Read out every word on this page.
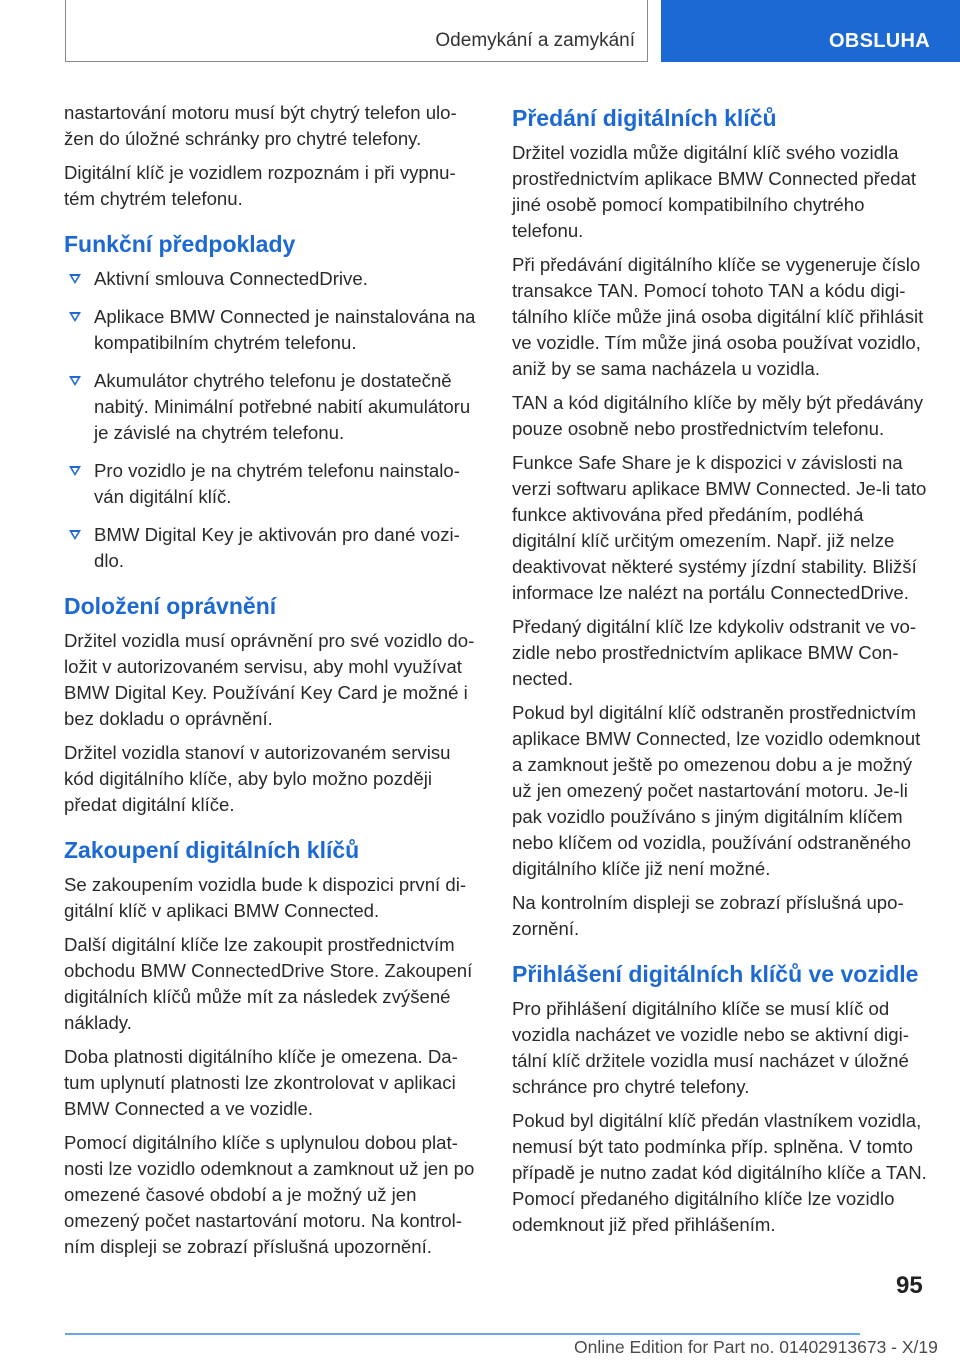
Odemykání a zamykání	OBSLUHA

nastartování motoru musí být chytrý telefon uložen do úložné schránky pro chytré telefony.

Digitální klíč je vozidlem rozpoznám i při vypnutém chytrém telefonu.

Funkční předpoklady
Aktivní smlouva ConnectedDrive.
Aplikace BMW Connected je nainstalována na kompatibilním chytrém telefonu.
Akumulátor chytrého telefonu je dostatečně nabitý. Minimální potřebné nabití akumulátoru je závislé na chytrém telefonu.
Pro vozidlo je na chytrém telefonu nainstalován digitální klíč.
BMW Digital Key je aktivován pro dané vozidlo.
Doložení oprávnění

Držitel vozidla musí oprávnění pro své vozidlo doložit v autorizovaném servisu, aby mohl využívat BMW Digital Key. Používání Key Card je možné i bez dokladu o oprávnění.

Držitel vozidla stanoví v autorizovaném servisu kód digitálního klíče, aby bylo možno později předat digitální klíče.

Zakoupení digitálních klíčů

Se zakoupením vozidla bude k dispozici první digitální klíč v aplikaci BMW Connected.

Další digitální klíče lze zakoupit prostřednictvím obchodu BMW ConnectedDrive Store. Zakoupení digitálních klíčů může mít za následek zvýšené náklady.

Doba platnosti digitálního klíče je omezena. Datum uplynutí platnosti lze zkontrolovat v aplikaci BMW Connected a ve vozidle.

Pomocí digitálního klíče s uplynulou dobou platnosti lze vozidlo odemknout a zamknout už jen po omezené časové období a je možný už jen omezený počet nastartování motoru. Na kontrolním displeji se zobrazí příslušná upozornění.

Předání digitálních klíčů

Držitel vozidla může digitální klíč svého vozidla prostřednictvím aplikace BMW Connected předat jiné osobě pomocí kompatibilního chytrého telefonu.

Při předávání digitálního klíče se vygeneruje číslo transakce TAN. Pomocí tohoto TAN a kódu digitálního klíče může jiná osoba digitální klíč přihlásit ve vozidle. Tím může jiná osoba používat vozidlo, aniž by se sama nacházela u vozidla.

TAN a kód digitálního klíče by měly být předávány pouze osobně nebo prostřednictvím telefonu.

Funkce Safe Share je k dispozici v závislosti na verzi softwaru aplikace BMW Connected. Je-li tato funkce aktivována před předáním, podléhá digitální klíč určitým omezením. Např. již nelze deaktivovat některé systémy jízdní stability. Bližší informace lze nalézt na portálu ConnectedDrive.

Předaný digitální klíč lze kdykoliv odstranit ve vozidle nebo prostřednictvím aplikace BMW Connected.

Pokud byl digitální klíč odstraněn prostřednictvím aplikace BMW Connected, lze vozidlo odemknout a zamknout ještě po omezenou dobu a je možný už jen omezený počet nastartování motoru. Je-li pak vozidlo používáno s jiným digitálním klíčem nebo klíčem od vozidla, používání odstraněného digitálního klíče již není možné.

Na kontrolním displeji se zobrazí příslušná upozornění.

Přihlášení digitálních klíčů ve vozidle

Pro přihlášení digitálního klíče se musí klíč od vozidla nacházet ve vozidle nebo se aktivní digitální klíč držitele vozidla musí nacházet v úložné schránce pro chytré telefony.

Pokud byl digitální klíč předán vlastníkem vozidla, nemusí být tato podmínka příp. splněna. V tomto případě je nutno zadat kód digitálního klíče a TAN. Pomocí předaného digitálního klíče lze vozidlo odemknout již před přihlášením.

95
Online Edition for Part no. 01402913673 - X/19
